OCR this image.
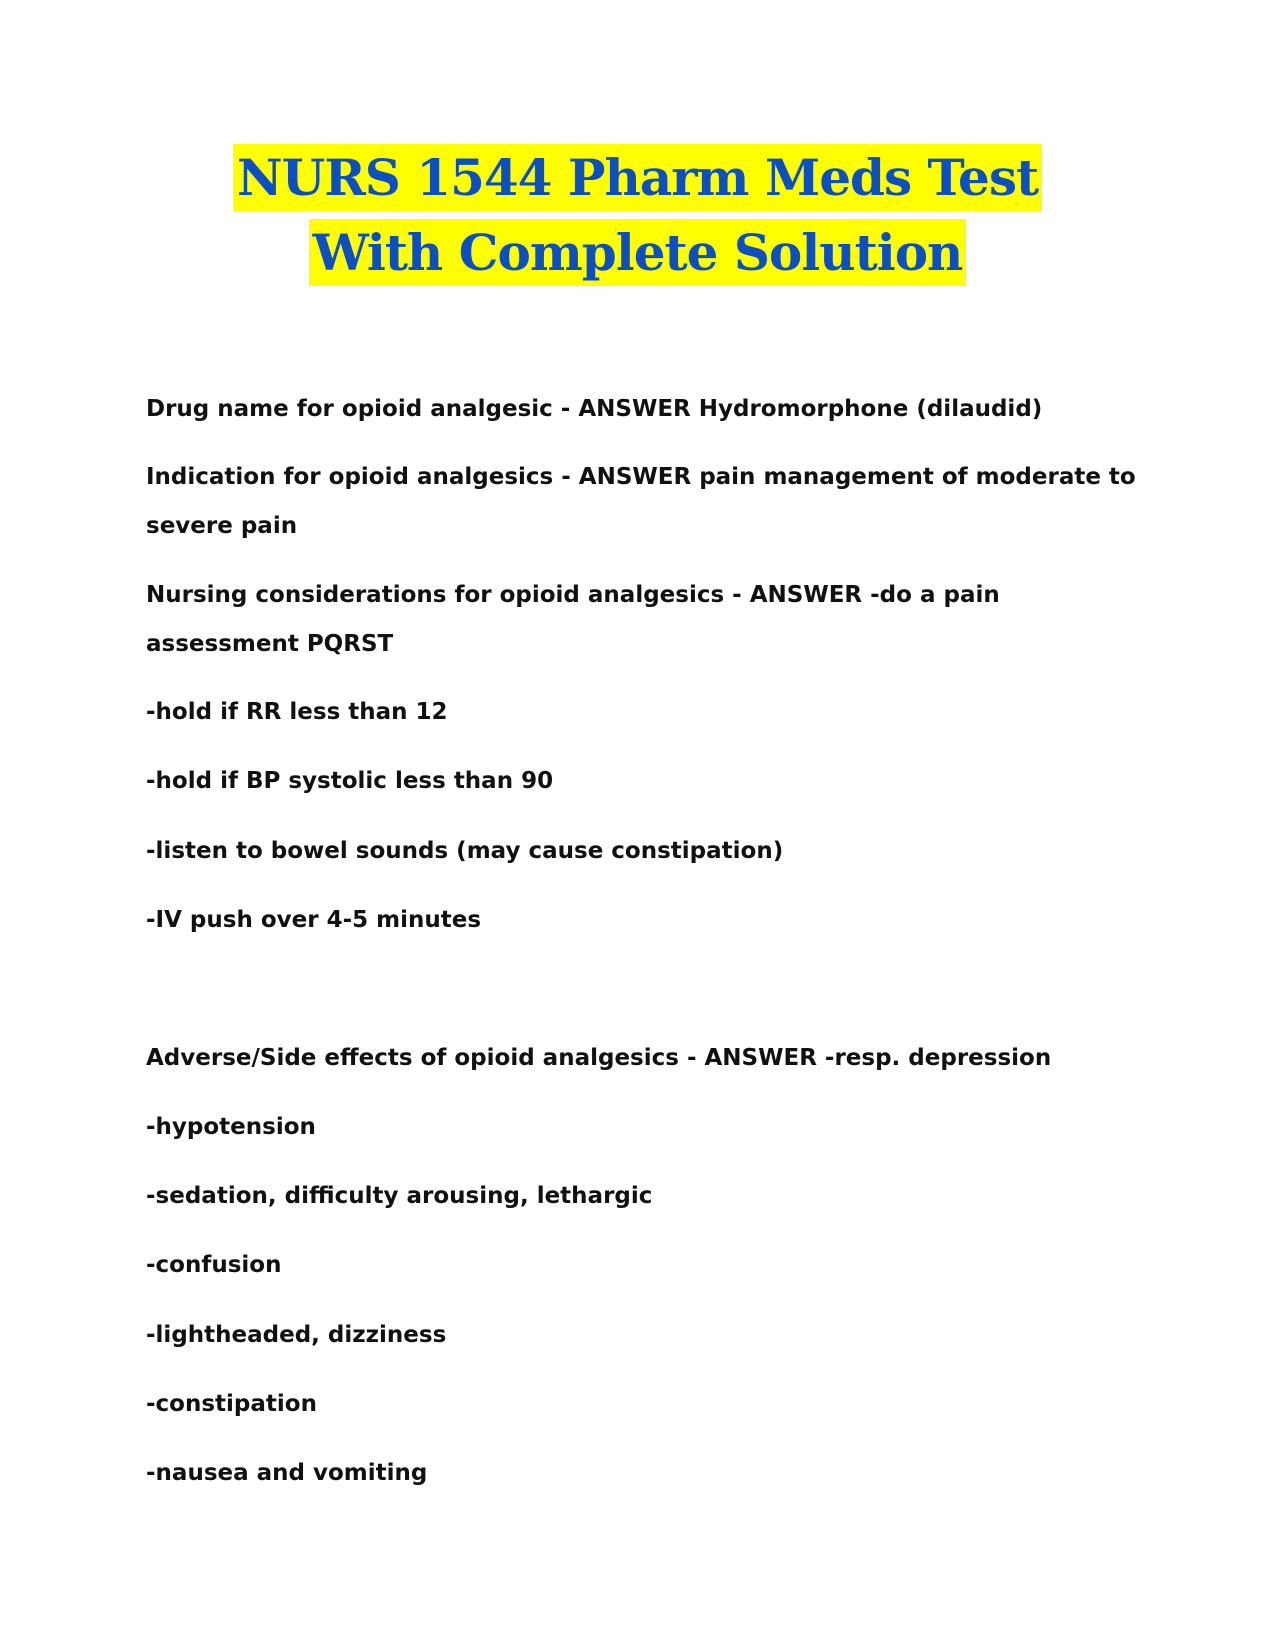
NURS 1544 Pharm Meds Test
With Complete Solution
Drug name for opioid analgesic - ANSWER Hydromorphone (dilaudid)
Indication for opioid analgesics - ANSWER pain management of moderate to
severe pain
Nursing considerations for opioid analgesics - ANSWER -do a pain
assessment PQRST
-hold if RR less than 12
-hold if BP systolic less than 90
-listen to bowel sounds (may cause constipation)
-IV push over 4-5 minutes
Adverse/Side effects of opioid analgesics - ANSWER -resp. depression
-hypotension
-sedation, difficulty arousing, lethargic
-confusion
-lightheaded, dizziness
-constipation
-nausea and vomiting
